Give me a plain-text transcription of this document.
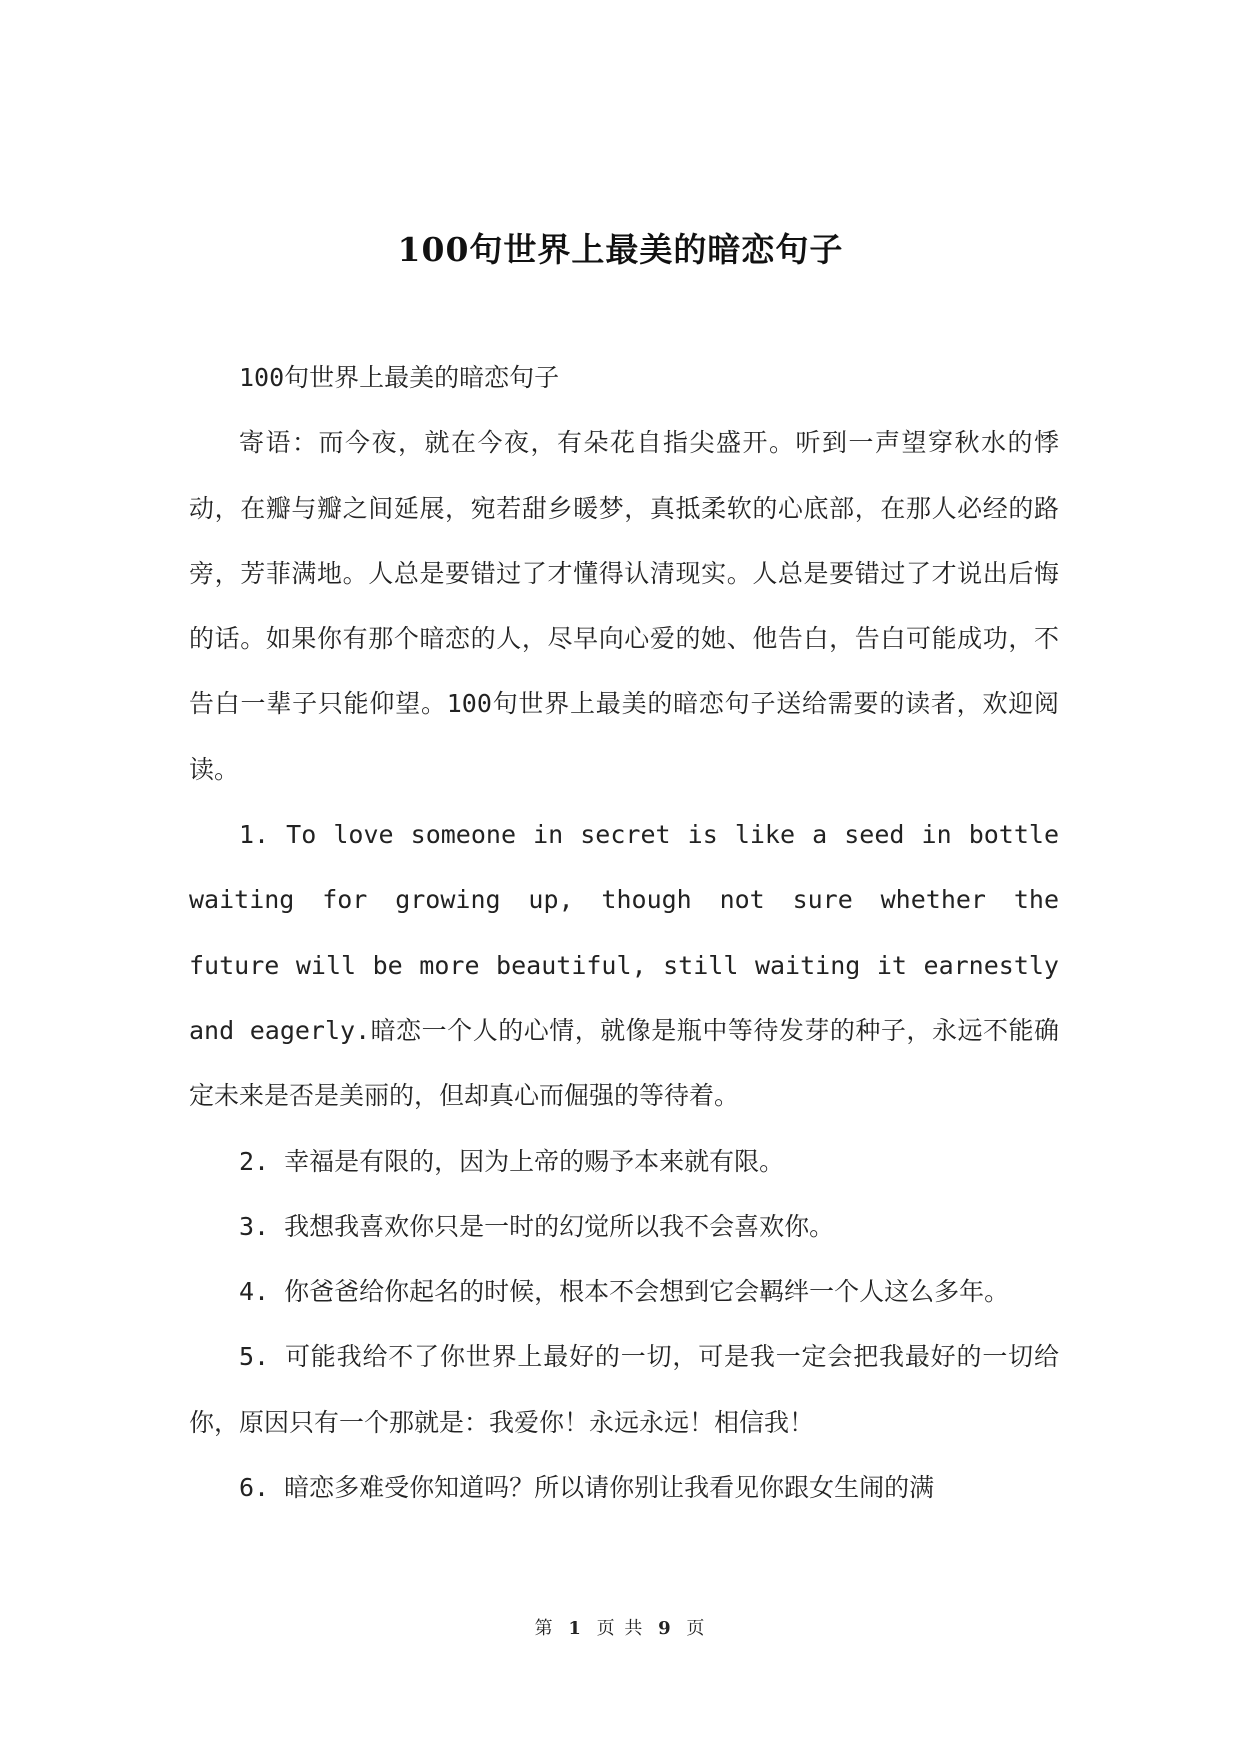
100句世界上最美的暗恋句子

100句世界上最美的暗恋句子

寄语：而今夜，就在今夜，有朵花自指尖盛开。听到一声望穿秋水的悸动，在瓣与瓣之间延展，宛若甜乡暖梦，真抵柔软的心底部，在那人必经的路旁，芳菲满地。人总是要错过了才懂得认清现实。人总是要错过了才说出后悔的话。如果你有那个暗恋的人，尽早向心爱的她、他告白，告白可能成功，不告白一辈子只能仰望。100句世界上最美的暗恋句子送给需要的读者，欢迎阅读。

1. To love someone in secret is like a seed in bottle waiting for growing up, though not sure whether the future will be more beautiful, still waiting it earnestly and eagerly.暗恋一个人的心情，就像是瓶中等待发芽的种子，永远不能确定未来是否是美丽的，但却真心而倔强的等待着。

2. 幸福是有限的，因为上帝的赐予本来就有限。

3. 我想我喜欢你只是一时的幻觉所以我不会喜欢你。

4. 你爸爸给你起名的时候，根本不会想到它会羁绊一个人这么多年。

5. 可能我给不了你世界上最好的一切，可是我一定会把我最好的一切给你，原因只有一个那就是：我爱你！永远永远！相信我！

6. 暗恋多难受你知道吗？所以请你别让我看见你跟女生闹的满

第 1 页 共 9 页
